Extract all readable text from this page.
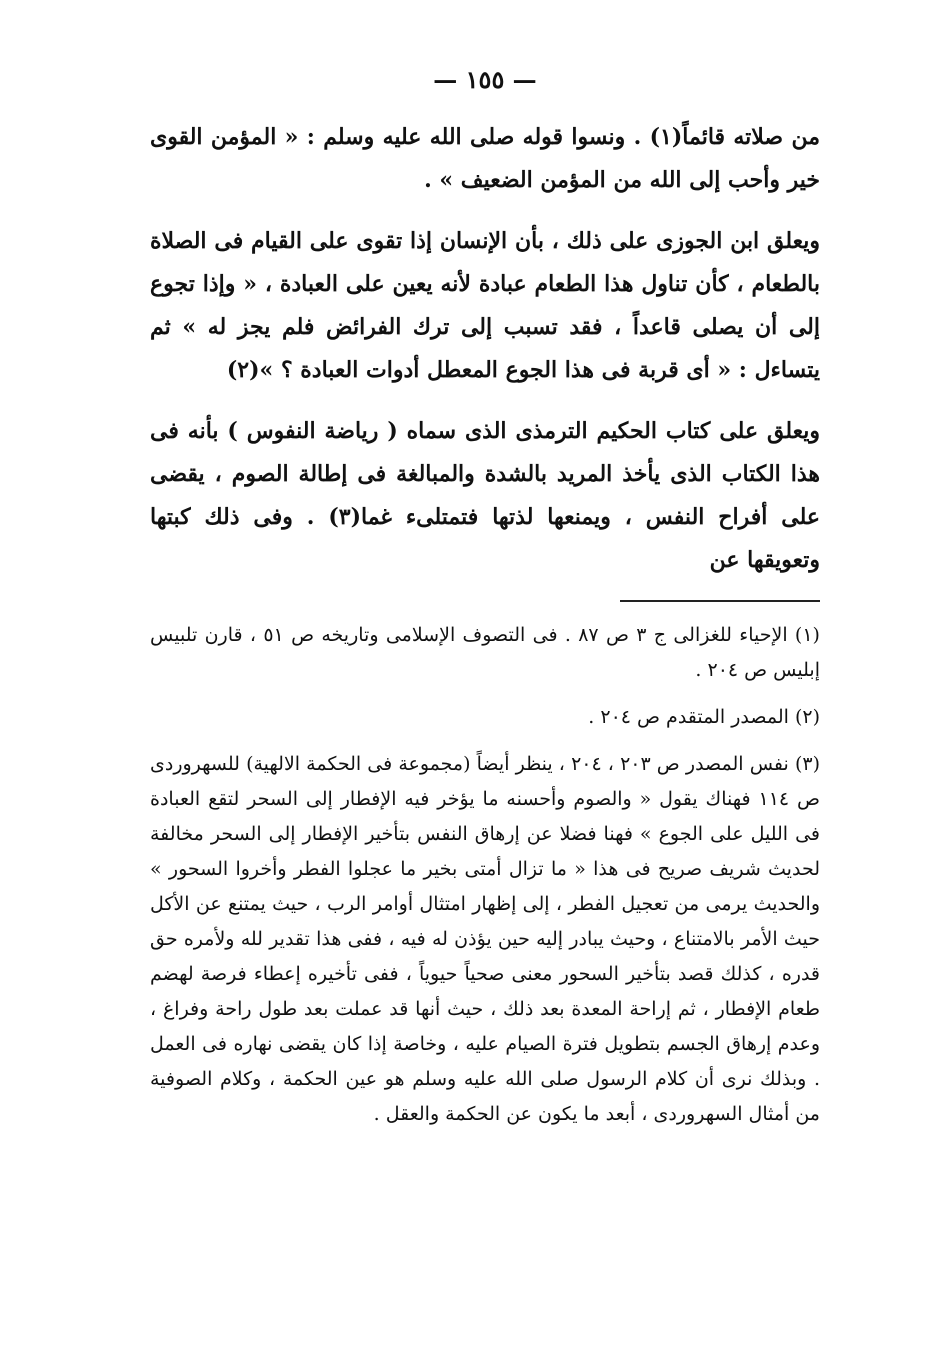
— ١٥٥ —

من صلاته قائماً(١) . ونسوا قوله صلى الله عليه وسلم : « المؤمن القوى خير وأحب إلى الله من المؤمن الضعيف » .

ويعلق ابن الجوزى على ذلك ، بأن الإنسان إذا تقوى على القيام فى الصلاة بالطعام ، كأن تناول هذا الطعام عبادة لأنه يعين على العبادة ، « وإذا تجوع إلى أن يصلى قاعداً ، فقد تسبب إلى ترك الفرائض فلم يجز له » ثم يتساءل : « أى قربة فى هذا الجوع المعطل أدوات العبادة ؟ »(٢)

ويعلق على كتاب الحكيم الترمذى الذى سماه ( رياضة النفوس ) بأنه فى هذا الكتاب الذى يأخذ المريد بالشدة والمبالغة فى إطالة الصوم ، يقضى على أفراح النفس ، ويمنعها لذتها فتمتلىء غما(٣) . وفى ذلك كبتها وتعويقها عن

(١) الإحياء للغزالى ج ٣ ص ٨٧ . فى التصوف الإسلامى وتاريخه ص ٥١ ، قارن تلبيس إبليس ص ٢٠٤ .

(٢) المصدر المتقدم ص ٢٠٤ .

(٣) نفس المصدر ص ٢٠٣ ، ٢٠٤ ، ينظر أيضاً (مجموعة فى الحكمة الالهية) للسهروردى ص ١١٤ فهناك يقول « والصوم وأحسنه ما يؤخر فيه الإفطار إلى السحر لتقع العبادة فى الليل على الجوع » فهنا فضلا عن إرهاق النفس بتأخير الإفطار إلى السحر مخالفة لحديث شريف صريح فى هذا « ما تزال أمتى بخير ما عجلوا الفطر وأخروا السحور » والحديث يرمى من تعجيل الفطر ، إلى إظهار امتثال أوامر الرب ، حيث يمتنع عن الأكل حيث الأمر بالامتناع ، وحيث يبادر إليه حين يؤذن له فيه ، ففى هذا تقدير لله ولأمره حق قدره ، كذلك قصد بتأخير السحور معنى صحياً حيوياً ، ففى تأخيره إعطاء فرصة لهضم طعام الإفطار ، ثم إراحة المعدة بعد ذلك ، حيث أنها قد عملت بعد طول راحة وفراغ ، وعدم إرهاق الجسم بتطويل فترة الصيام عليه ، وخاصة إذا كان يقضى نهاره فى العمل . وبذلك نرى أن كلام الرسول صلى الله عليه وسلم هو عين الحكمة ، وكلام الصوفية من أمثال السهروردى ، أبعد ما يكون عن الحكمة والعقل .
